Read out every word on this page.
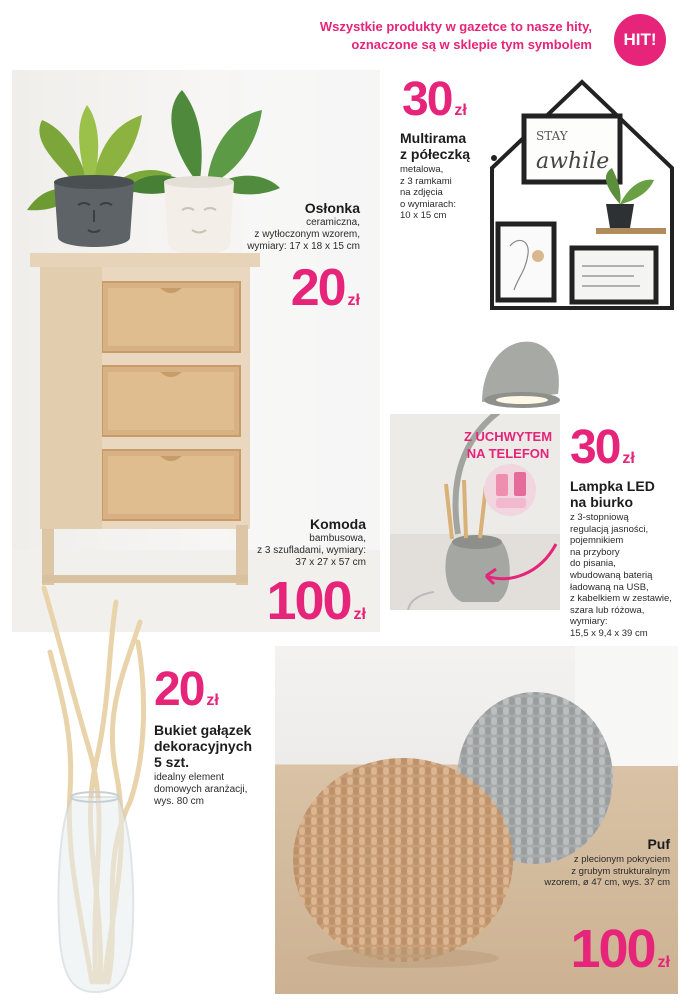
Wszystkie produkty w gazetce to nasze hity,
oznaczone są w sklepie tym symbolem	HIT!
Osłonka
ceramiczna,
z wytłoczonym wzorem,
wymiary: 17 x 18 x 15 cm
20 zł
Komoda
bambusowa,
z 3 szufladami, wymiary:
37 x 27 x 57 cm
100 zł
30 zł
Multirama
z półeczką
metalowa,
z 3 ramkami
na zdjęcia
o wymiarach:
10 x 15 cm
STAY
awhile
Z UCHWYTEM
NA TELEFON 30 zł
Lampka LED
na biurko
z 3-stopniową
regulacją jasności,
pojemnikiem
na przybory
do pisania,
wbudowaną baterią
ładowaną na USB,
z kabelkiem w zestawie,
szara lub różowa,
wymiary:
15,5 x 9,4 x 39 cm
20 zł
Bukiet gałązek
dekoracyjnych
5 szt.
idealny element
domowych aranżacji,
wys. 80 cm
Puf
z plecionym pokryciem
z grubym strukturalnym
wzorem, ø 47 cm, wys. 37 cm
100 zł
